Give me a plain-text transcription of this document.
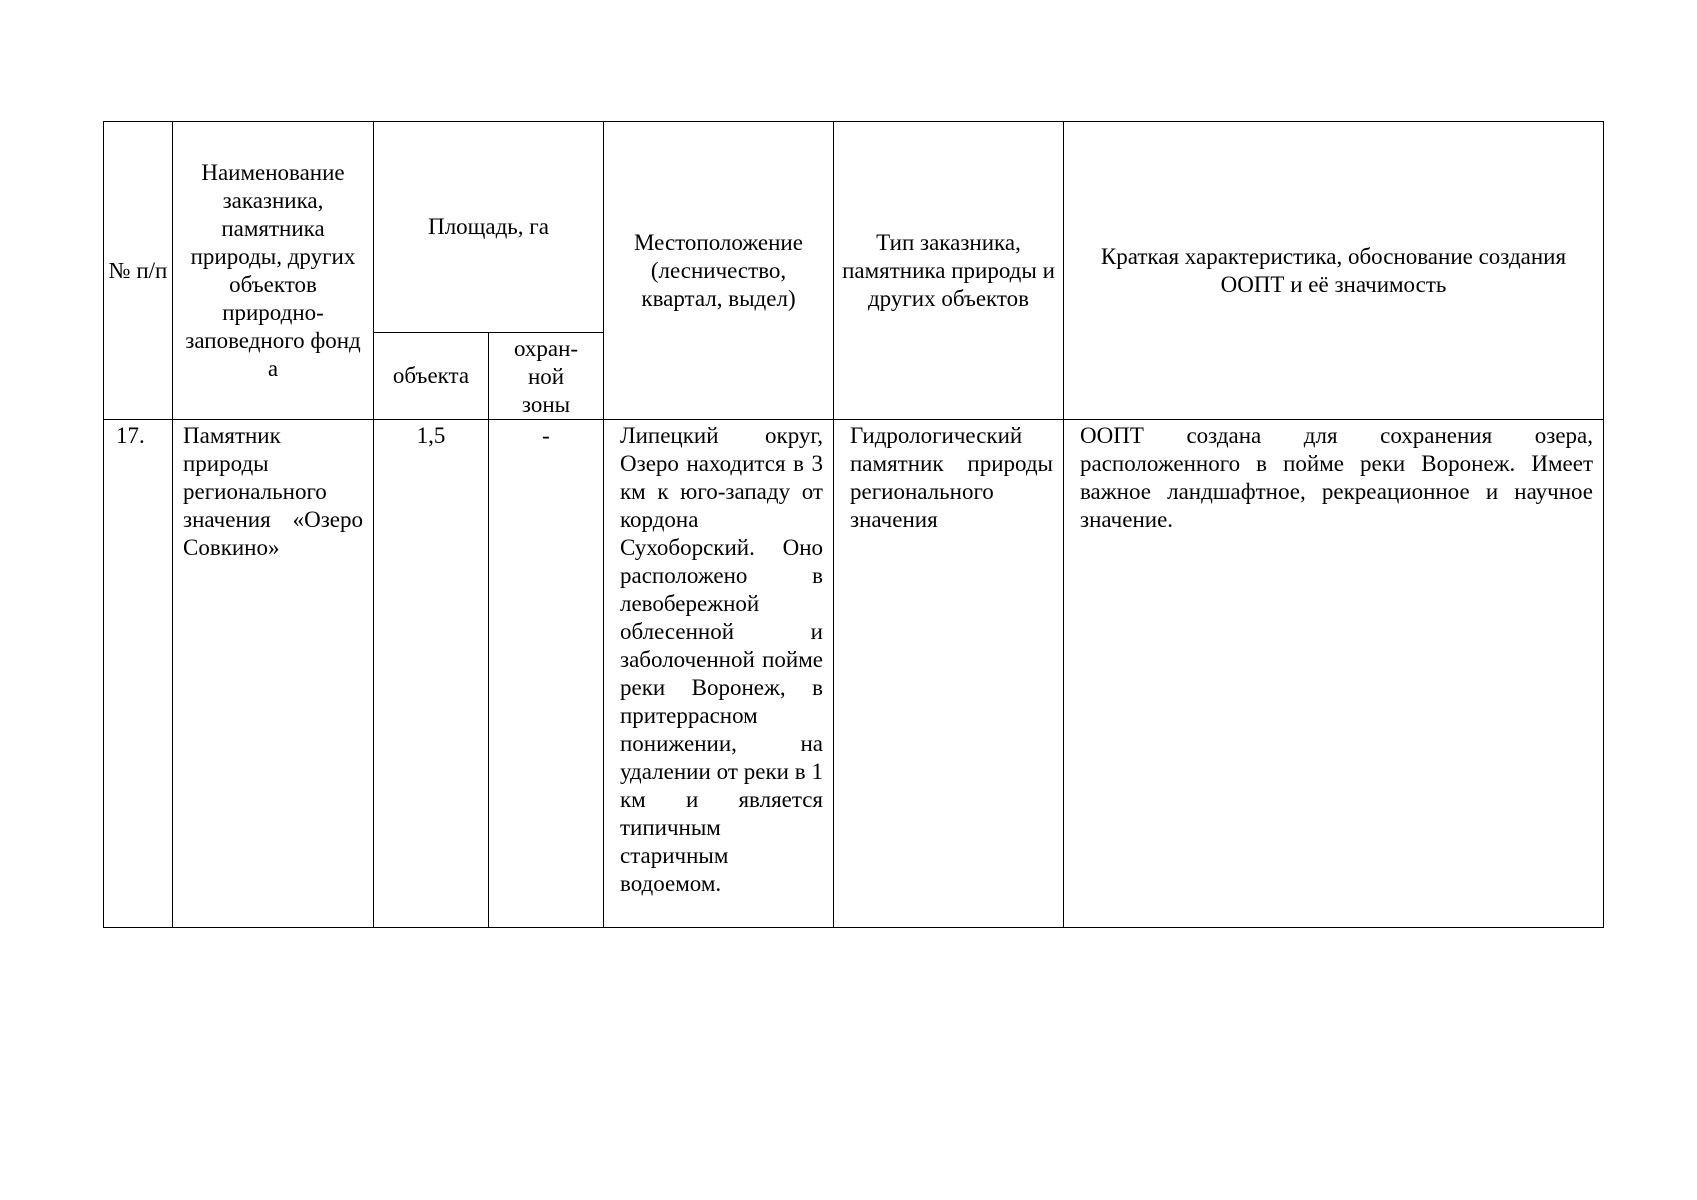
№ п/п	Наименование заказника, памятника природы, других объектов природно-заповедного фонд а	Площадь, га		Местоположение (лесничество, квартал, выдел)	Тип заказника, памятника природы и других объектов	Краткая характеристика, обоснование создания ООПТ и её значимость
		объекта	охран-ной зоны			
17.	Памятник природы регионального значения «Озеро Совкино»	1,5	-	Липецкий округ, Озеро находится в 3 км к юго-западу от кордона Сухоборский. Оно расположено в левобережной облесенной и заболоченной пойме реки Воронеж, в притеррасном понижении, на удалении от реки в 1 км и является типичным старичным водоемом.	Гидрологический памятник природы регионального значения	ООПТ создана для сохранения озера, расположенного в пойме реки Воронеж. Имеет важное ландшафтное, рекреационное и научное значение.
